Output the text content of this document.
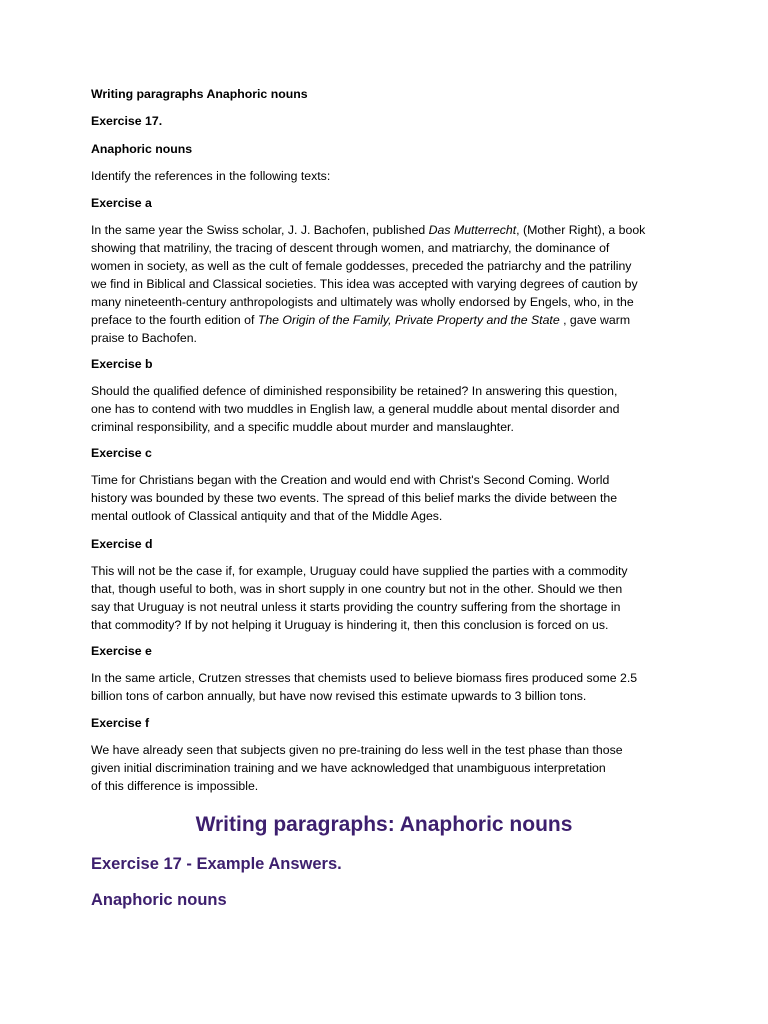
Writing paragraphs Anaphoric nouns

Exercise 17.

Anaphoric nouns

Identify the references in the following texts:

Exercise a

In the same year the Swiss scholar, J. J. Bachofen, published Das Mutterrecht, (Mother Right), a book

showing that matriliny, the tracing of descent through women, and matriarchy, the dominance of

women in society, as well as the cult of female goddesses, preceded the patriarchy and the patriliny

we find in Biblical and Classical societies. This idea was accepted with varying degrees of caution by

many nineteenth-century anthropologists and ultimately was wholly endorsed by Engels, who, in the

preface to the fourth edition of The Origin of the Family, Private Property and the State , gave warm

praise to Bachofen.

Exercise b

Should the qualified defence of diminished responsibility be retained? In answering this question,

one has to contend with two muddles in English law, a general muddle about mental disorder and

criminal responsibility, and a specific muddle about murder and manslaughter.

Exercise c

Time for Christians began with the Creation and would end with Christ's Second Coming. World

history was bounded by these two events. The spread of this belief marks the divide between the

mental outlook of Classical antiquity and that of the Middle Ages.

Exercise d

This will not be the case if, for example, Uruguay could have supplied the parties with a commodity

that, though useful to both, was in short supply in one country but not in the other. Should we then

say that Uruguay is not neutral unless it starts providing the country suffering from the shortage in

that commodity? If by not helping it Uruguay is hindering it, then this conclusion is forced on us.

Exercise e

In the same article, Crutzen stresses that chemists used to believe biomass fires produced some 2.5

billion tons of carbon annually, but have now revised this estimate upwards to 3 billion tons.

Exercise f

We have already seen that subjects given no pre-training do less well in the test phase than those

given initial discrimination training and we have acknowledged that unambiguous interpretation

of this difference is impossible.

Writing paragraphs: Anaphoric nouns
Exercise 17 - Example Answers.
Anaphoric nouns
